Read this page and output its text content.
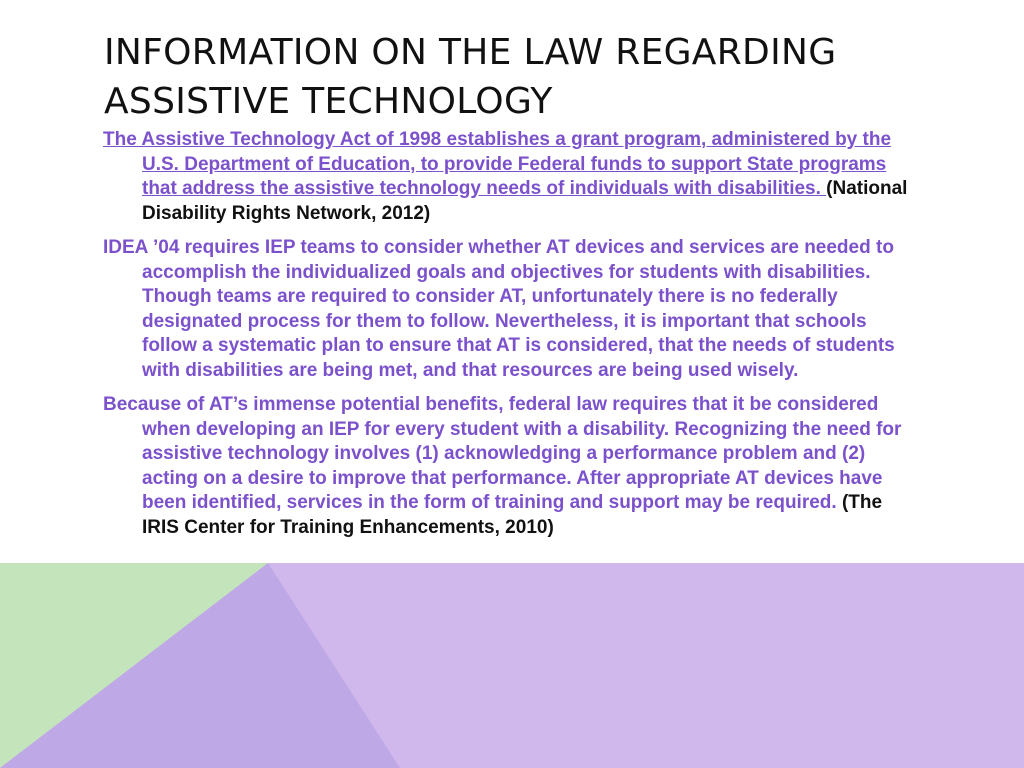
INFORMATION ON THE LAW REGARDING ASSISTIVE TECHNOLOGY

The Assistive Technology Act of 1998 establishes a grant program, administered by the U.S. Department of Education, to provide Federal funds to support State programs that address the assistive technology needs of individuals with disabilities. (National Disability Rights Network, 2012)

IDEA ’04 requires IEP teams to consider whether AT devices and services are needed to accomplish the individualized goals and objectives for students with disabilities. Though teams are required to consider AT, unfortunately there is no federally designated process for them to follow. Nevertheless, it is important that schools follow a systematic plan to ensure that AT is considered, that the needs of students with disabilities are being met, and that resources are being used wisely.

Because of AT’s immense potential benefits, federal law requires that it be considered when developing an IEP for every student with a disability. Recognizing the need for assistive technology involves (1) acknowledging a performance problem and (2) acting on a desire to improve that performance. After appropriate AT devices have been identified, services in the form of training and support may be required. (The IRIS Center for Training Enhancements, 2010)
